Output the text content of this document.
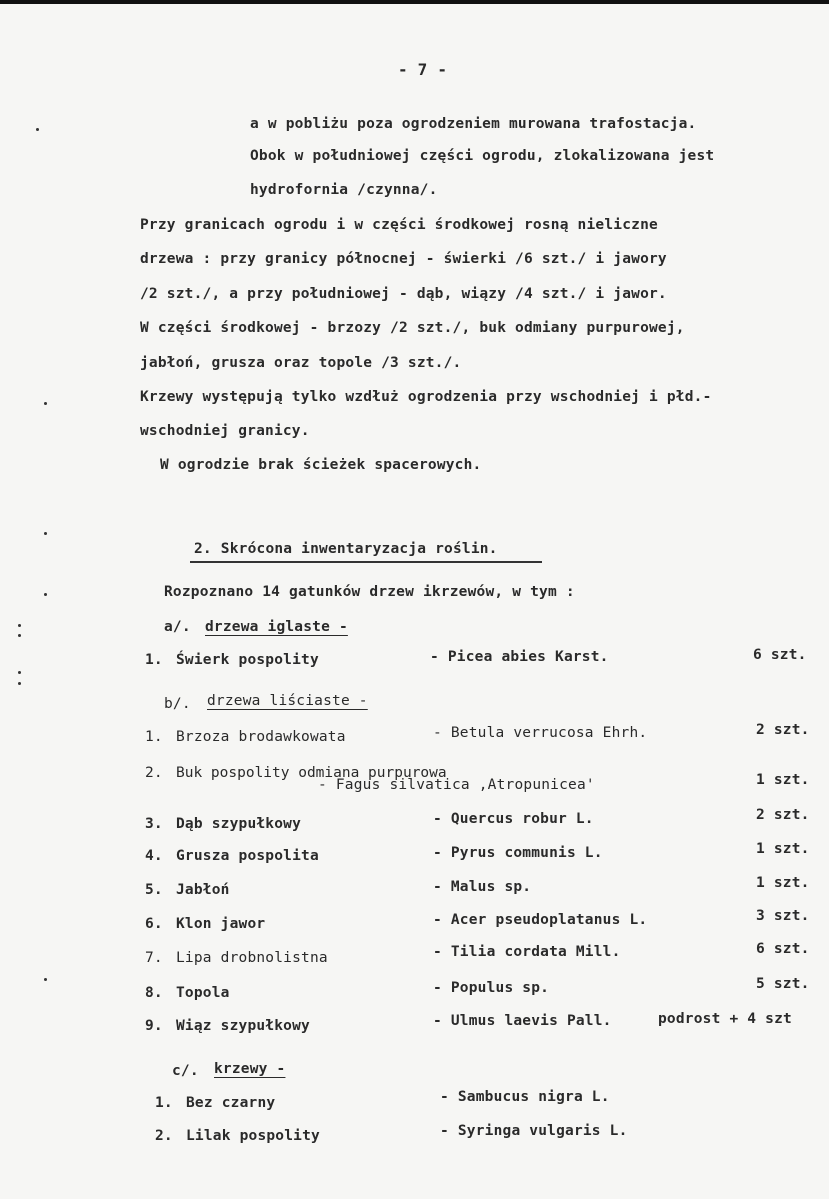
- 7 -
a w pobliżu poza ogrodzeniem murowana trafostacja.
Obok w południowej części ogrodu, zlokalizowana jest
hydrofornia /czynna/.
Przy granicach ogrodu i w części środkowej rosną nieliczne
drzewa : przy granicy północnej - świerki /6 szt./ i jawory
/2 szt./, a przy południowej - dąb, wiązy /4 szt./ i jawor.
W części środkowej - brzozy /2 szt./, buk odmiany purpurowej,
jabłoń, grusza oraz topole /3 szt./.
Krzewy występują tylko wzdłuż ogrodzenia przy wschodniej i płd.-
wschodniej granicy.
W ogrodzie brak ścieżek spacerowych.
2. Skrócona inwentaryzacja roślin.
Rozpoznano 14 gatunków drzew ikrzewów, w tym :
a/. drzewa iglaste -
1. Świerk pospolity	- Picea abies Karst.	6 szt.
b/. drzewa liściaste -
1. Brzoza brodawkowata	- Betula verrucosa Ehrh.	2 szt.
2. Buk pospolity odmiana purpurowa
- Fagus silvatica ,Atropunicea'	1 szt.
3. Dąb szypułkowy	- Quercus robur L.	2 szt.
4. Grusza pospolita	- Pyrus communis L.	1 szt.
5. Jabłoń	- Malus sp.	1 szt.
6. Klon jawor	- Acer pseudoplatanus L.	3 szt.
7. Lipa drobnolistna	- Tilia cordata Mill.	6 szt.
8. Topola	- Populus sp.	5 szt.
9. Wiąz szypułkowy	- Ulmus laevis Pall.	podrost + 4 szt
c/. krzewy -
1. Bez czarny	- Sambucus nigra L.
2. Lilak pospolity	- Syringa vulgaris L.
